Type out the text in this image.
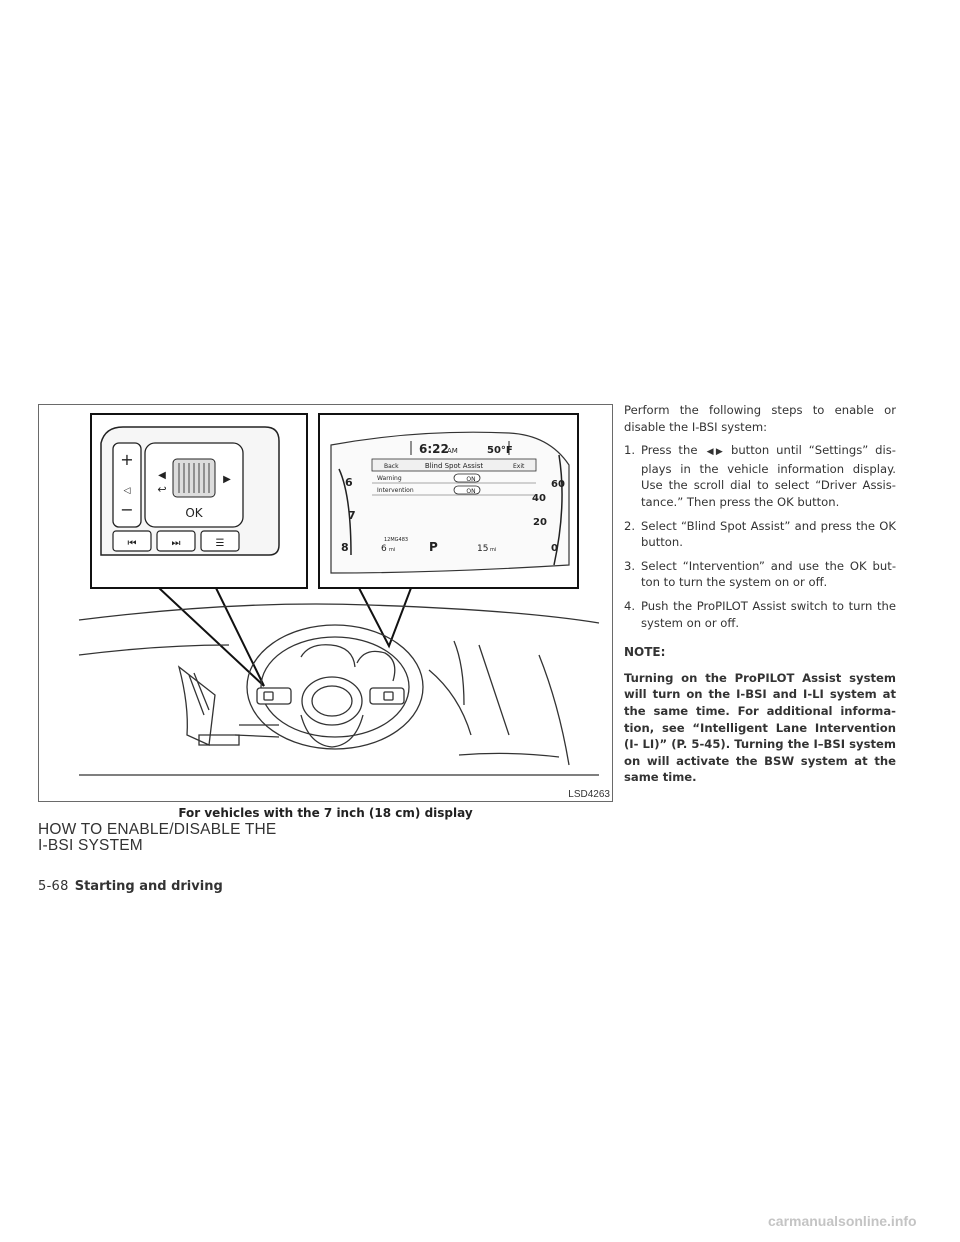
+
◁
−
◀
↩
▶
OK
⏮	⏭	☰
6
7
8
60
40
20
0
6:22
AM	50°F
Back	Blind Spot Assist	Exit
Warning	ON
Intervention	ON
12MG483
6 mi	P	15 mi
LSD4263
For vehicles with the 7 inch (18 cm) display
HOW TO ENABLE/DISABLE THE
I-BSI SYSTEM

Perform the following steps to enable or disable the I-BSI system:

1. Press the ◀▶ button until “Settings” dis- plays in the vehicle information display. Use the scroll dial to select “Driver Assis- tance.” Then press the OK button.
2. Select “Blind Spot Assist” and press the OK button.
3. Select “Intervention” and use the OK but- ton to turn the system on or off.
4. Push the ProPILOT Assist switch to turn the system on or off.
NOTE:

Turning on the ProPILOT Assist system will turn on the I-BSI and I-LI system at the same time. For additional informa- tion, see “Intelligent Lane Intervention (I- LI)” (P. 5-45). Turning the I–BSI system on will activate the BSW system at the same time.

5-68 Starting and driving
carmanualsonline.info
